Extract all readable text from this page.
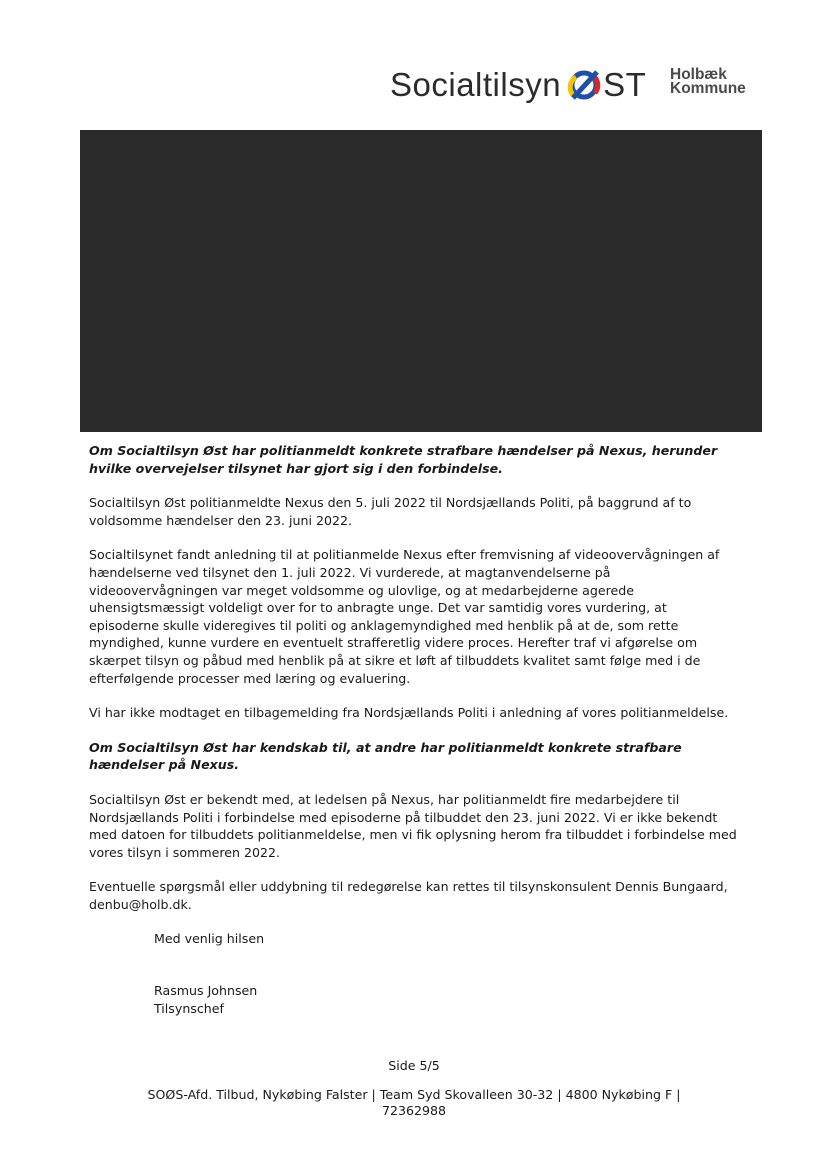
Socialtilsyn ST Holbæk
Kommune

Om Socialtilsyn Øst har politianmeldt konkrete strafbare hændelser på Nexus, herunder hvilke overvejelser tilsynet har gjort sig i den forbindelse.

Socialtilsyn Øst politianmeldte Nexus den 5. juli 2022 til Nordsjællands Politi, på baggrund af to voldsomme hændelser den 23. juni 2022.

Socialtilsynet fandt anledning til at politianmelde Nexus efter fremvisning af videoovervågningen af hændelserne ved tilsynet den 1. juli 2022. Vi vurderede, at magtanvendelserne på videoovervågningen var meget voldsomme og ulovlige, og at medarbejderne agerede uhensigtsmæssigt voldeligt over for to anbragte unge. Det var samtidig vores vurdering, at episoderne skulle videregives til politi og anklagemyndighed med henblik på at de, som rette myndighed, kunne vurdere en eventuelt strafferetlig videre proces. Herefter traf vi afgørelse om skærpet tilsyn og påbud med henblik på at sikre et løft af tilbuddets kvalitet samt følge med i de efterfølgende processer med læring og evaluering.

Vi har ikke modtaget en tilbagemelding fra Nordsjællands Politi i anledning af vores politianmeldelse.

Om Socialtilsyn Øst har kendskab til, at andre har politianmeldt konkrete strafbare hændelser på Nexus.

Socialtilsyn Øst er bekendt med, at ledelsen på Nexus, har politianmeldt fire medarbejdere til Nordsjællands Politi i forbindelse med episoderne på tilbuddet den 23. juni 2022. Vi er ikke bekendt med datoen for tilbuddets politianmeldelse, men vi fik oplysning herom fra tilbuddet i forbindelse med vores tilsyn i sommeren 2022.

Eventuelle spørgsmål eller uddybning til redegørelse kan rettes til tilsynskonsulent Dennis Bungaard, denbu@holb.dk.

Med venlig hilsen
Rasmus Johnsen
Tilsynschef
Side 5/5
SOØS-Afd. Tilbud, Nykøbing Falster | Team Syd Skovalleen 30-32 | 4800 Nykøbing F |
72362988
